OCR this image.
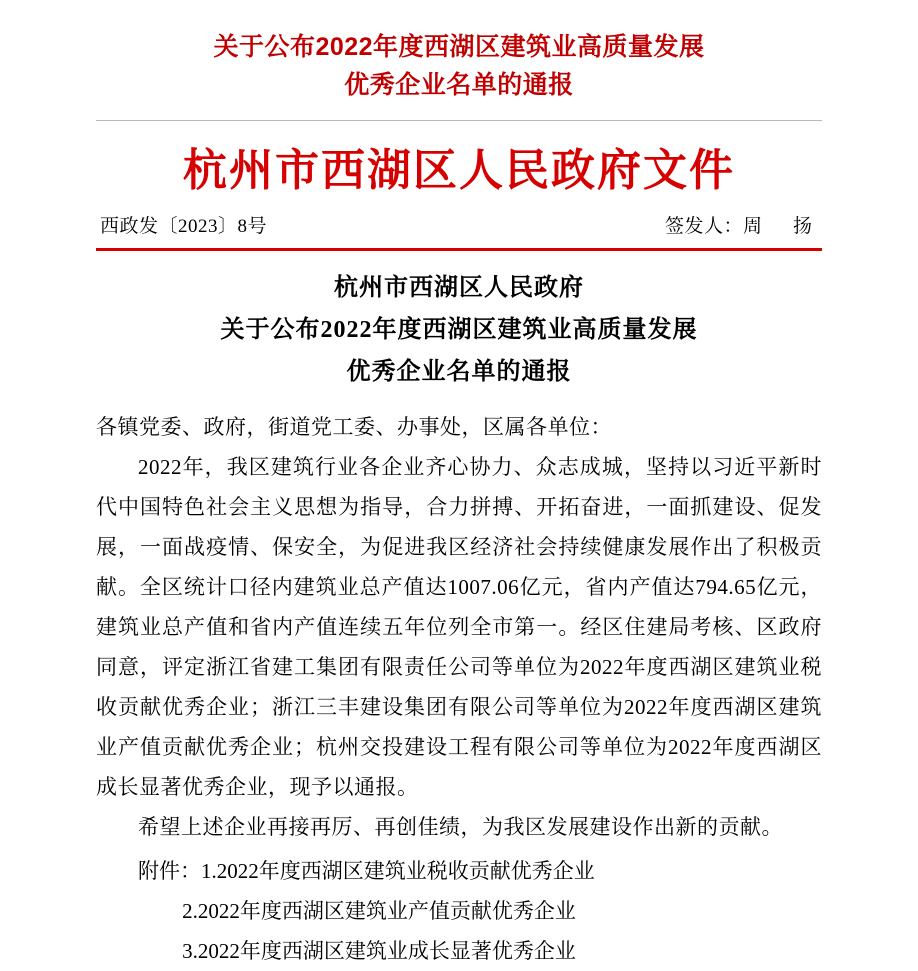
关于公布2022年度西湖区建筑业高质量发展
优秀企业名单的通报
杭州市西湖区人民政府文件
西政发〔2023〕8号	签发人：周　扬
杭州市西湖区人民政府
关于公布2022年度西湖区建筑业高质量发展
优秀企业名单的通报

各镇党委、政府，街道党工委、办事处，区属各单位：

2022年，我区建筑行业各企业齐心协力、众志成城，坚持以习近平新时代中国特色社会主义思想为指导，合力拼搏、开拓奋进，一面抓建设、促发展，一面战疫情、保安全，为促进我区经济社会持续健康发展作出了积极贡献。全区统计口径内建筑业总产值达1007.06亿元，省内产值达794.65亿元，建筑业总产值和省内产值连续五年位列全市第一。经区住建局考核、区政府同意，评定浙江省建工集团有限责任公司等单位为2022年度西湖区建筑业税收贡献优秀企业；浙江三丰建设集团有限公司等单位为2022年度西湖区建筑业产值贡献优秀企业；杭州交投建设工程有限公司等单位为2022年度西湖区成长显著优秀企业，现予以通报。

希望上述企业再接再厉、再创佳绩，为我区发展建设作出新的贡献。

附件：1.2022年度西湖区建筑业税收贡献优秀企业
2.2022年度西湖区建筑业产值贡献优秀企业
3.2022年度西湖区建筑业成长显著优秀企业
